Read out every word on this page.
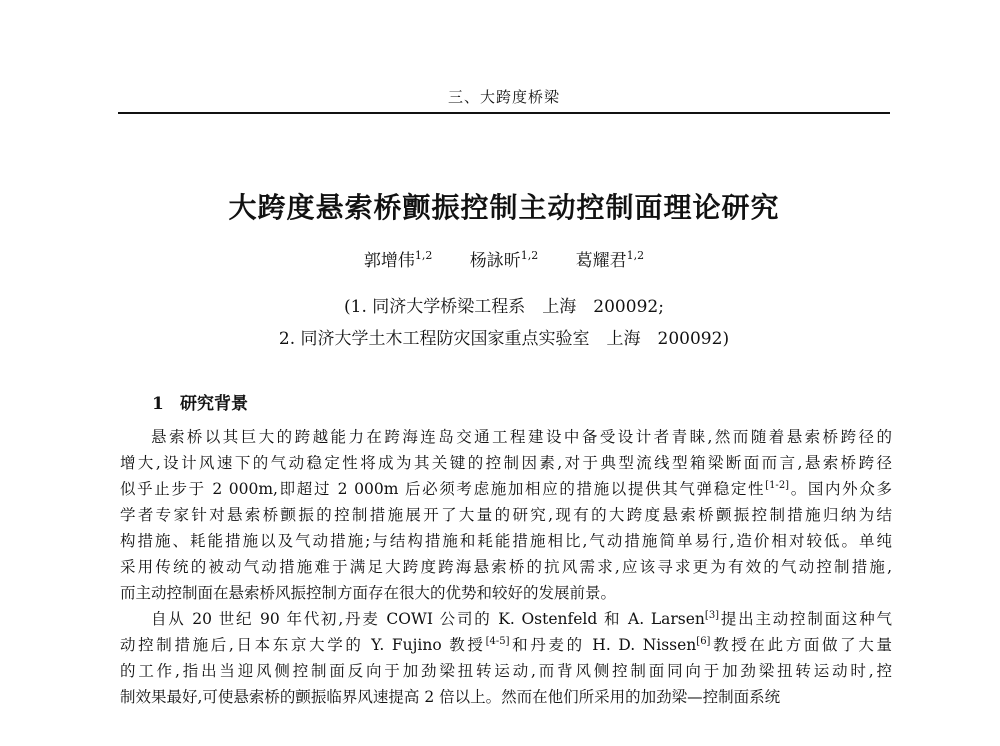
三、大跨度桥梁
大跨度悬索桥颤振控制主动控制面理论研究
郭增伟$^{1,2}$ 杨詠昕$^{1,2}$ 葛耀君$^{1,2}$
(1. 同济大学桥梁工程系　上海　200092;
2. 同济大学土木工程防灾国家重点实验室　上海　200092)
1 研究背景

悬索桥以其巨大的跨越能力在跨海连岛交通工程建设中备受设计者青睐,然而随着悬索桥跨径的
增大,设计风速下的气动稳定性将成为其关键的控制因素,对于典型流线型箱梁断面而言,悬索桥跨径
似乎止步于 2 000m,即超过 2 000m 后必须考虑施加相应的措施以提供其气弹稳定性[1-2]。国内外众多
学者专家针对悬索桥颤振的控制措施展开了大量的研究,现有的大跨度悬索桥颤振控制措施归纳为结
构措施、耗能措施以及气动措施;与结构措施和耗能措施相比,气动措施简单易行,造价相对较低。单纯
采用传统的被动气动措施难于满足大跨度跨海悬索桥的抗风需求,应该寻求更为有效的气动控制措施,
而主动控制面在悬索桥风振控制方面存在很大的优势和较好的发展前景。

自从 20 世纪 90 年代初,丹麦 COWI 公司的 K. Ostenfeld 和 A. Larsen[3]提出主动控制面这种气
动控制措施后,日本东京大学的 Y. Fujino 教授[4-5]和丹麦的 H. D. Nissen[6]教授在此方面做了大量
的工作,指出当迎风侧控制面反向于加劲梁扭转运动,而背风侧控制面同向于加劲梁扭转运动时,控
制效果最好,可使悬索桥的颤振临界风速提高 2 倍以上。然而在他们所采用的加劲梁—控制面系统
